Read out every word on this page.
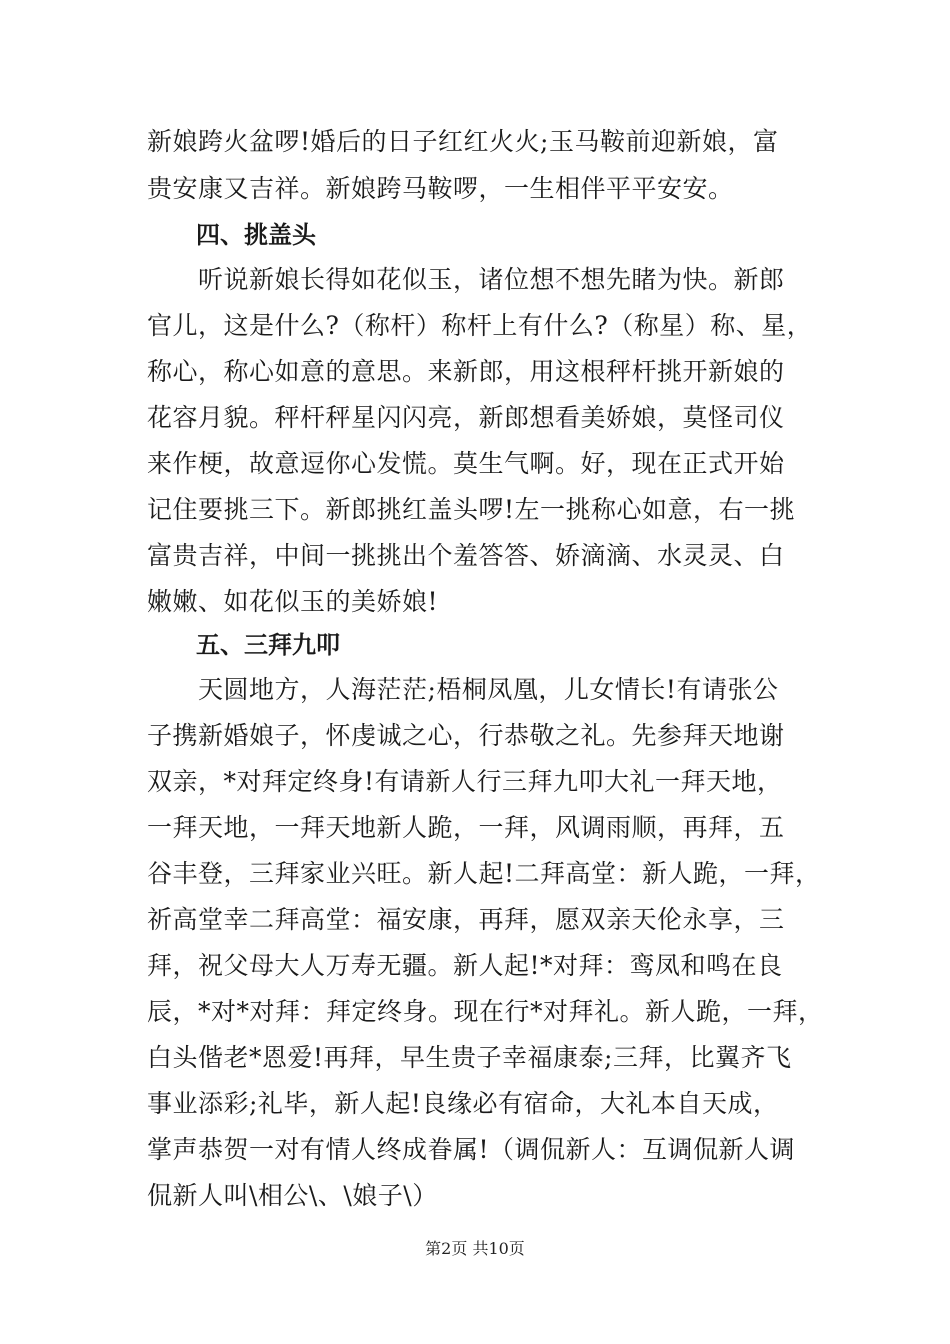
新娘跨火盆啰!婚后的日子红红火火;玉马鞍前迎新娘，富
贵安康又吉祥。新娘跨马鞍啰，一生相伴平平安安。
四、挑盖头
　　听说新娘长得如花似玉，诸位想不想先睹为快。新郎
官儿，这是什么?（称杆）称杆上有什么?（称星）称、星，
称心，称心如意的意思。来新郎，用这根秤杆挑开新娘的
花容月貌。秤杆秤星闪闪亮，新郎想看美娇娘，莫怪司仪
来作梗，故意逗你心发慌。莫生气啊。好，现在正式开始
记住要挑三下。新郎挑红盖头啰!左一挑称心如意，右一挑
富贵吉祥，中间一挑挑出个羞答答、娇滴滴、水灵灵、白
嫩嫩、如花似玉的美娇娘!
五、三拜九叩
　　天圆地方，人海茫茫;梧桐凤凰，儿女情长!有请张公
子携新婚娘子，怀虔诚之心，行恭敬之礼。先参拜天地谢
双亲，*对拜定终身!有请新人行三拜九叩大礼一拜天地，
一拜天地，一拜天地新人跪，一拜，风调雨顺，再拜，五
谷丰登，三拜家业兴旺。新人起!二拜高堂：新人跪，一拜，
祈高堂幸二拜高堂：福安康，再拜，愿双亲天伦永享，三
拜，祝父母大人万寿无疆。新人起!*对拜：鸾凤和鸣在良
辰，*对*对拜：拜定终身。现在行*对拜礼。新人跪，一拜，
白头偕老*恩爱!再拜，早生贵子幸福康泰;三拜，比翼齐飞
事业添彩;礼毕，新人起!良缘必有宿命，大礼本自天成，
掌声恭贺一对有情人终成眷属!（调侃新人：互调侃新人调
侃新人叫\相公\、\娘子\）
第2页 共10页
